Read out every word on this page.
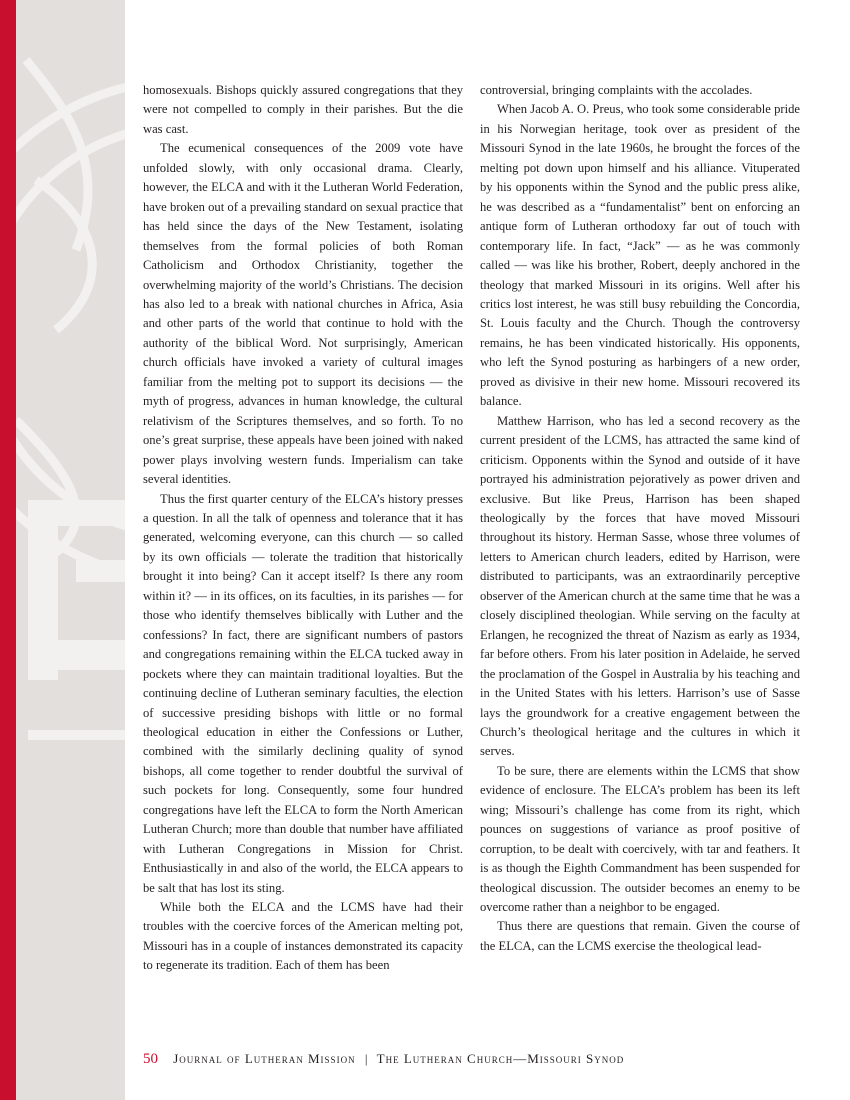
homosexuals. Bishops quickly assured congregations that they were not compelled to comply in their parishes. But the die was cast.

The ecumenical consequences of the 2009 vote have unfolded slowly, with only occasional drama. Clearly, however, the ELCA and with it the Lutheran World Federation, have broken out of a prevailing standard on sexual practice that has held since the days of the New Testament, isolating themselves from the formal policies of both Roman Catholicism and Orthodox Christianity, together the overwhelming majority of the world’s Christians. The decision has also led to a break with national churches in Africa, Asia and other parts of the world that continue to hold with the authority of the biblical Word. Not surprisingly, American church officials have invoked a variety of cultural images familiar from the melting pot to support its decisions — the myth of progress, advances in human knowledge, the cultural relativism of the Scriptures themselves, and so forth. To no one’s great surprise, these appeals have been joined with naked power plays involving western funds. Imperialism can take several identities.

Thus the first quarter century of the ELCA’s history presses a question. In all the talk of openness and tolerance that it has generated, welcoming everyone, can this church — so called by its own officials — tolerate the tradition that historically brought it into being? Can it accept itself? Is there any room within it? — in its offices, on its faculties, in its parishes — for those who identify themselves biblically with Luther and the confessions? In fact, there are significant numbers of pastors and congregations remaining within the ELCA tucked away in pockets where they can maintain traditional loyalties. But the continuing decline of Lutheran seminary faculties, the election of successive presiding bishops with little or no formal theological education in either the Confessions or Luther, combined with the similarly declining quality of synod bishops, all come together to render doubtful the survival of such pockets for long. Consequently, some four hundred congregations have left the ELCA to form the North American Lutheran Church; more than double that number have affiliated with Lutheran Congregations in Mission for Christ. Enthusiastically in and also of the world, the ELCA appears to be salt that has lost its sting.

While both the ELCA and the LCMS have had their troubles with the coercive forces of the American melting pot, Missouri has in a couple of instances demonstrated its capacity to regenerate its tradition. Each of them has been

controversial, bringing complaints with the accolades.

When Jacob A. O. Preus, who took some considerable pride in his Norwegian heritage, took over as president of the Missouri Synod in the late 1960s, he brought the forces of the melting pot down upon himself and his alliance. Vituperated by his opponents within the Synod and the public press alike, he was described as a “fundamentalist” bent on enforcing an antique form of Lutheran orthodoxy far out of touch with contemporary life. In fact, “Jack” — as he was commonly called — was like his brother, Robert, deeply anchored in the theology that marked Missouri in its origins. Well after his critics lost interest, he was still busy rebuilding the Concordia, St. Louis faculty and the Church. Though the controversy remains, he has been vindicated historically. His opponents, who left the Synod posturing as harbingers of a new order, proved as divisive in their new home. Missouri recovered its balance.

Matthew Harrison, who has led a second recovery as the current president of the LCMS, has attracted the same kind of criticism. Opponents within the Synod and outside of it have portrayed his administration pejoratively as power driven and exclusive. But like Preus, Harrison has been shaped theologically by the forces that have moved Missouri throughout its history. Herman Sasse, whose three volumes of letters to American church leaders, edited by Harrison, were distributed to participants, was an extraordinarily perceptive observer of the American church at the same time that he was a closely disciplined theologian. While serving on the faculty at Erlangen, he recognized the threat of Nazism as early as 1934, far before others. From his later position in Adelaide, he served the proclamation of the Gospel in Australia by his teaching and in the United States with his letters. Harrison’s use of Sasse lays the groundwork for a creative engagement between the Church’s theological heritage and the cultures in which it serves.

To be sure, there are elements within the LCMS that show evidence of enclosure. The ELCA’s problem has been its left wing; Missouri’s challenge has come from its right, which pounces on suggestions of variance as proof positive of corruption, to be dealt with coercively, with tar and feathers. It is as though the Eighth Commandment has been suspended for theological discussion. The outsider becomes an enemy to be overcome rather than a neighbor to be engaged.

Thus there are questions that remain. Given the course of the ELCA, can the LCMS exercise the theological lead-

50 Journal of Lutheran Mission | The Lutheran Church—Missouri Synod
